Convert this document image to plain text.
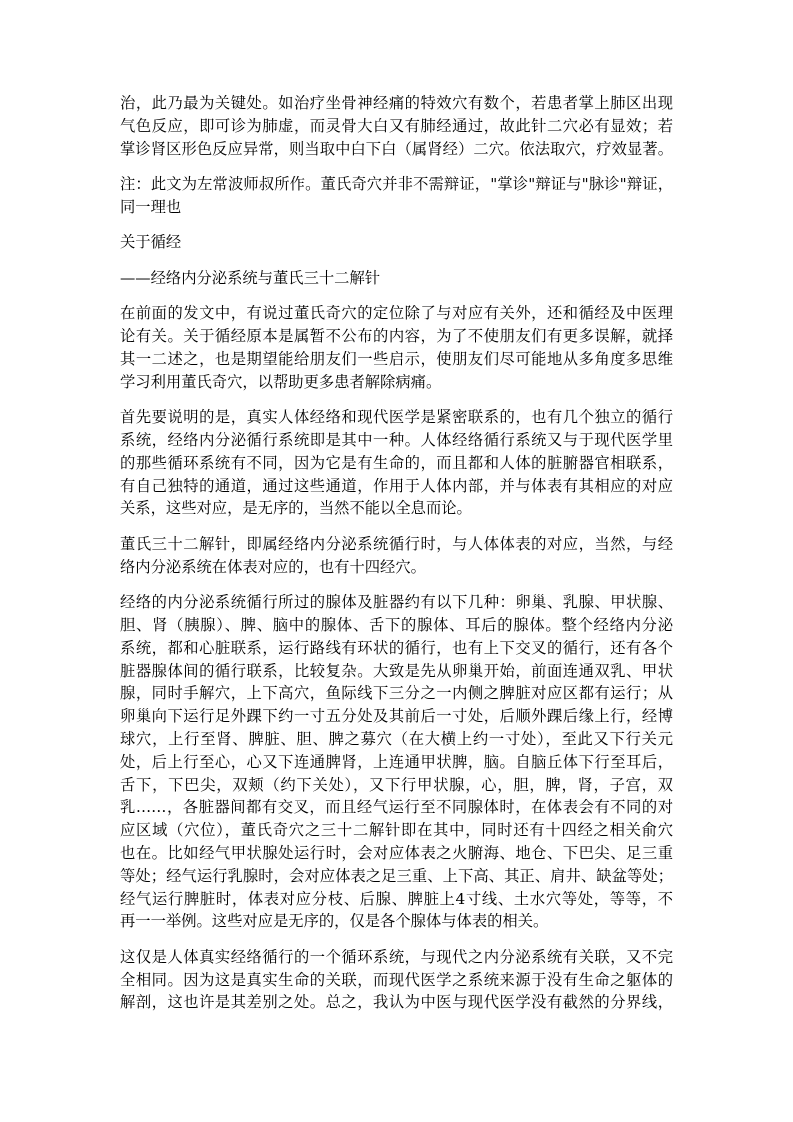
治，此乃最为关键处。如治疗坐骨神经痛的特效穴有数个，若患者掌上肺区出现
气色反应，即可诊为肺虚，而灵骨大白又有肺经通过，故此针二穴必有显效；若
掌诊肾区形色反应异常，则当取中白下白（属肾经）二穴。依法取穴，疗效显著。
注：此文为左常波师叔所作。董氏奇穴并非不需辩证，"掌诊"辩证与"脉诊"辩证，
同一理也
关于循经
——经络内分泌系统与董氏三十二解针
在前面的发文中，有说过董氏奇穴的定位除了与对应有关外，还和循经及中医理
论有关。关于循经原本是属暂不公布的内容，为了不使朋友们有更多误解，就择
其一二述之，也是期望能给朋友们一些启示，使朋友们尽可能地从多角度多思维
学习利用董氏奇穴，以帮助更多患者解除病痛。
首先要说明的是，真实人体经络和现代医学是紧密联系的，也有几个独立的循行
系统，经络内分泌循行系统即是其中一种。人体经络循行系统又与于现代医学里
的那些循环系统有不同，因为它是有生命的，而且都和人体的脏腑器官相联系，
有自己独特的通道，通过这些通道，作用于人体内部，并与体表有其相应的对应
关系，这些对应，是无序的，当然不能以全息而论。
董氏三十二解针，即属经络内分泌系统循行时，与人体体表的对应，当然，与经
络内分泌系统在体表对应的，也有十四经穴。
经络的内分泌系统循行所过的腺体及脏器约有以下几种：卵巢、乳腺、甲状腺、
胆、肾（胰腺）、脾、脑中的腺体、舌下的腺体、耳后的腺体。整个经络内分泌
系统，都和心脏联系，运行路线有环状的循行，也有上下交叉的循行，还有各个
脏器腺体间的循行联系，比较复杂。大致是先从卵巢开始，前面连通双乳、甲状
腺，同时手解穴，上下高穴，鱼际线下三分之一内侧之脾脏对应区都有运行；从
卵巢向下运行足外踝下约一寸五分处及其前后一寸处，后顺外踝后缘上行，经博
球穴，上行至肾、脾脏、胆、脾之募穴（在大横上约一寸处），至此又下行关元
处，后上行至心，心又下连通脾肾，上连通甲状脾，脑。自脑丘体下行至耳后，
舌下，下巴尖，双颊（约下关处），又下行甲状腺，心，胆，脾，肾，子宫，双
乳……，各脏器间都有交叉，而且经气运行至不同腺体时，在体表会有不同的对
应区域（穴位），董氏奇穴之三十二解针即在其中，同时还有十四经之相关俞穴
也在。比如经气甲状腺处运行时，会对应体表之火腑海、地仓、下巴尖、足三重
等处；经气运行乳腺时，会对应体表之足三重、上下高、其正、肩井、缺盆等处；
经气运行脾脏时，体表对应分枝、后腺、脾脏上4寸线、土水穴等处，等等，不
再一一举例。这些对应是无序的，仅是各个腺体与体表的相关。
这仅是人体真实经络循行的一个循环系统，与现代之内分泌系统有关联，又不完
全相同。因为这是真实生命的关联，而现代医学之系统来源于没有生命之躯体的
解剖，这也许是其差别之处。总之，我认为中医与现代医学没有截然的分界线，
